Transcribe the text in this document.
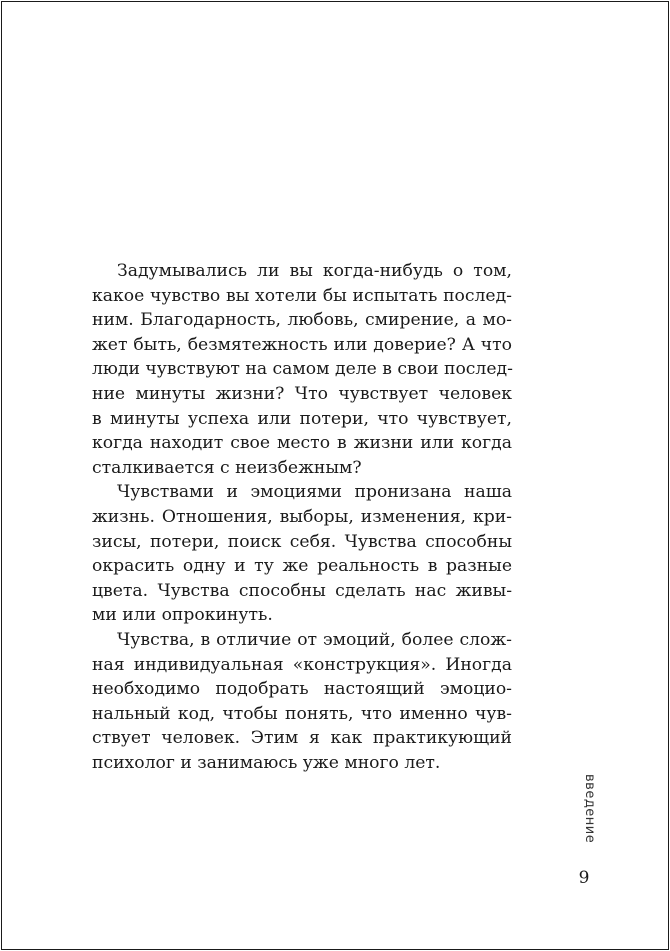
Задумывались ли вы когда-нибудь о том,
какое чувство вы хотели бы испытать послед-
ним. Благодарность, любовь, смирение, а мо-
жет быть, безмятежность или доверие? А что
люди чувствуют на самом деле в свои послед-
ние минуты жизни? Что чувствует человек
в минуты успеха или потери, что чувствует,
когда находит свое место в жизни или когда
сталкивается с неизбежным?

Чувствами и эмоциями пронизана наша
жизнь. Отношения, выборы, изменения, кри-
зисы, потери, поиск себя. Чувства способны
окрасить одну и ту же реальность в разные
цвета. Чувства способны сделать нас живы-
ми или опрокинуть.

Чувства, в отличие от эмоций, более слож-
ная индивидуальная «конструкция». Иногда
необходимо подобрать настоящий эмоцио-
нальный код, чтобы понять, что именно чув-
ствует человек. Этим я как практикующий
психолог и занимаюсь уже много лет.

введение
9
